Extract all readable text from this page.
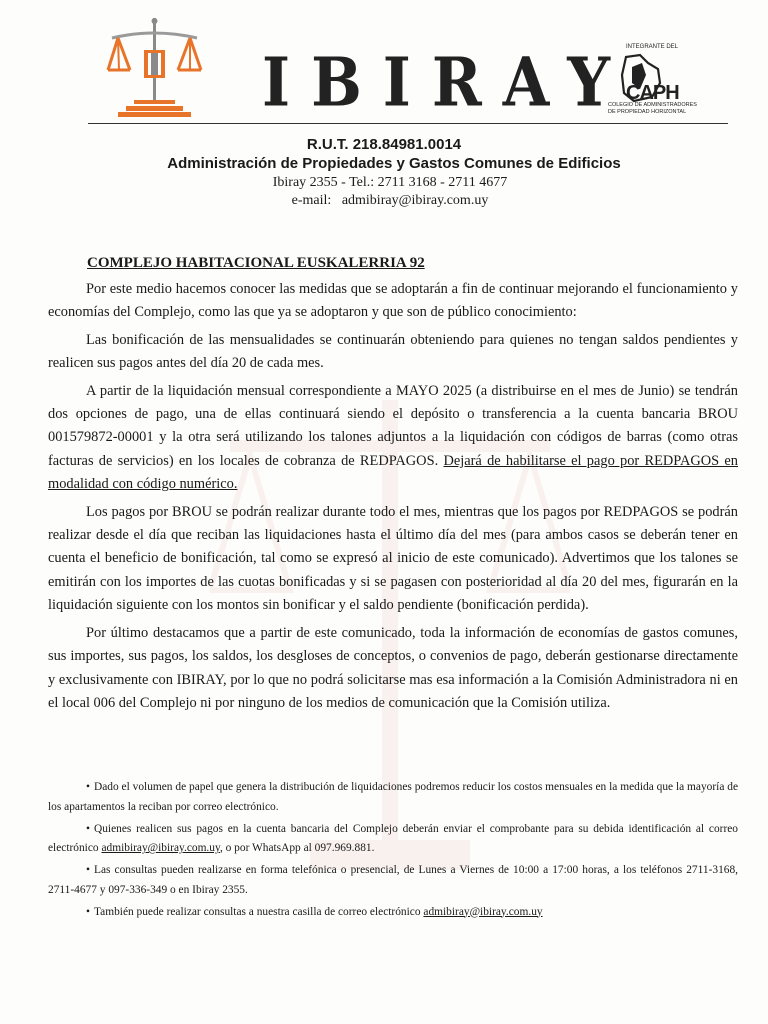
IBIRAY
INTEGRANTE DEL
CAPH
COLEGIO DE ADMINISTRADORES
DE PROPIEDAD HORIZONTAL
R.U.T. 218.84981.0014
Administración de Propiedades y Gastos Comunes de Edificios
Ibiray 2355 - Tel.: 2711 3168 - 2711 4677
e-mail: admibiray@ibiray.com.uy
COMPLEJO HABITACIONAL EUSKALERRIA 92

Por este medio hacemos conocer las medidas que se adoptarán a fin de continuar mejorando el funcionamiento y economías del Complejo, como las que ya se adoptaron y que son de público conocimiento:

Las bonificación de las mensualidades se continuarán obteniendo para quienes no tengan saldos pendientes y realicen sus pagos antes del día 20 de cada mes.

A partir de la liquidación mensual correspondiente a MAYO 2025 (a distribuirse en el mes de Junio) se tendrán dos opciones de pago, una de ellas continuará siendo el depósito o transferencia a la cuenta bancaria BROU 001579872-00001 y la otra será utilizando los talones adjuntos a la liquidación con códigos de barras (como otras facturas de servicios) en los locales de cobranza de REDPAGOS. Dejará de habilitarse el pago por REDPAGOS en modalidad con código numérico.

Los pagos por BROU se podrán realizar durante todo el mes, mientras que los pagos por REDPAGOS se podrán realizar desde el día que reciban las liquidaciones hasta el último día del mes (para ambos casos se deberán tener en cuenta el beneficio de bonificación, tal como se expresó al inicio de este comunicado). Advertimos que los talones se emitirán con los importes de las cuotas bonificadas y si se pagasen con posterioridad al día 20 del mes, figurarán en la liquidación siguiente con los montos sin bonificar y el saldo pendiente (bonificación perdida).

Por último destacamos que a partir de este comunicado, toda la información de economías de gastos comunes, sus importes, sus pagos, los saldos, los desgloses de conceptos, o convenios de pago, deberán gestionarse directamente y exclusivamente con IBIRAY, por lo que no podrá solicitarse mas esa información a la Comisión Administradora ni en el local 006 del Complejo ni por ninguno de los medios de comunicación que la Comisión utiliza.

• Dado el volumen de papel que genera la distribución de liquidaciones podremos reducir los costos mensuales en la medida que la mayoría de los apartamentos la reciban por correo electrónico.

• Quienes realicen sus pagos en la cuenta bancaria del Complejo deberán enviar el comprobante para su debida identificación al correo electrónico admibiray@ibiray.com.uy, o por WhatsApp al 097.969.881.

• Las consultas pueden realizarse en forma telefónica o presencial, de Lunes a Viernes de 10:00 a 17:00 horas, a los teléfonos 2711-3168, 2711-4677 y 097-336-349 o en Ibiray 2355.

• También puede realizar consultas a nuestra casilla de correo electrónico admibiray@ibiray.com.uy
